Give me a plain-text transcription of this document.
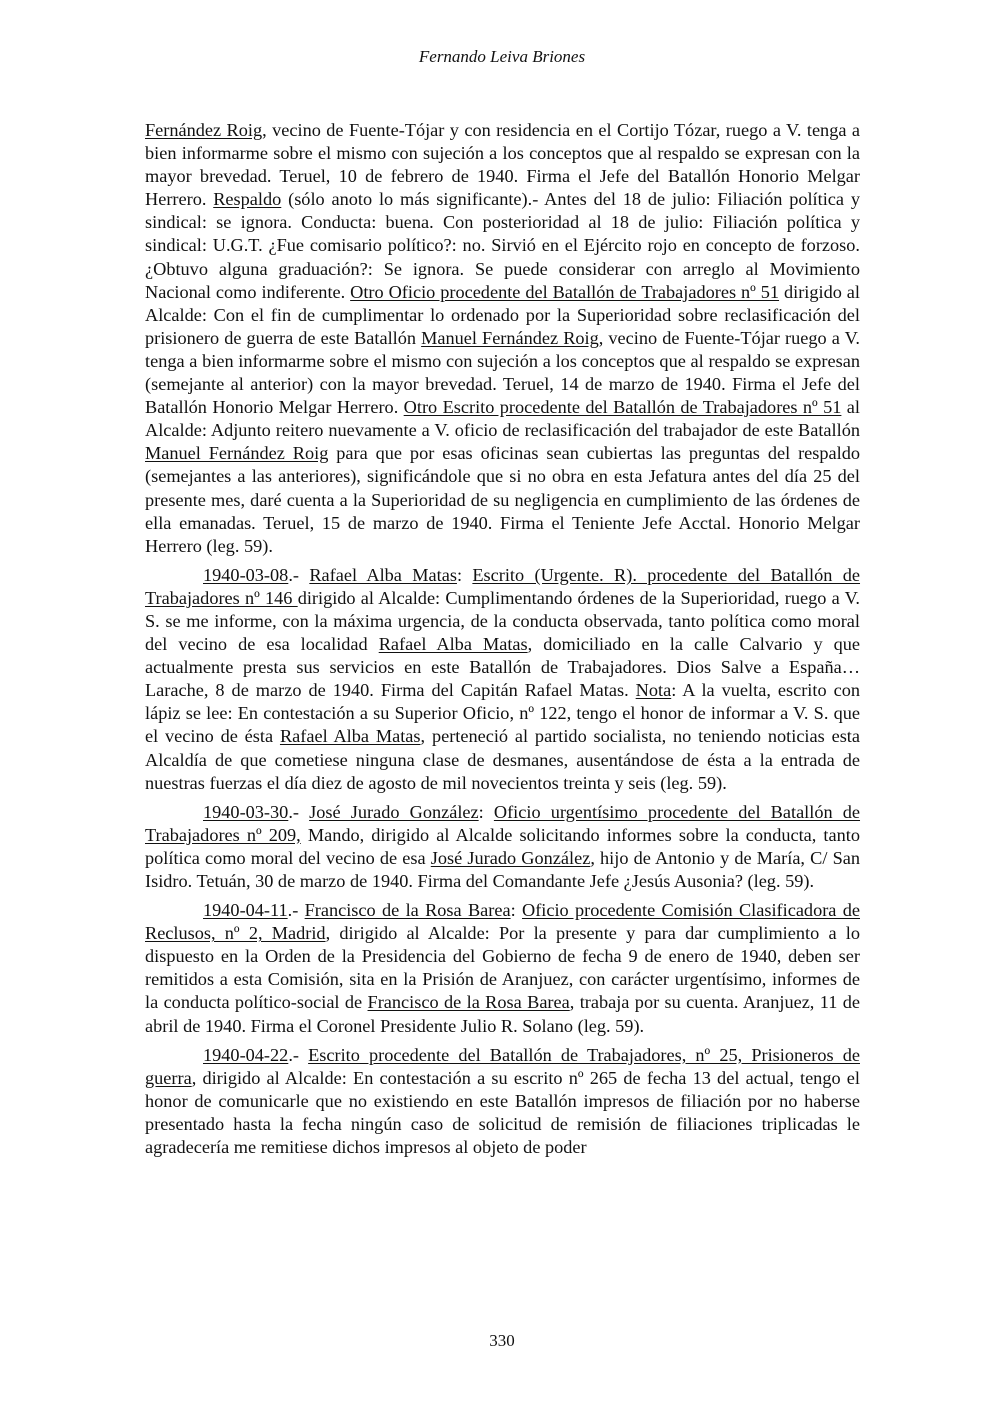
Fernando Leiva Briones

Fernández Roig, vecino de Fuente-Tójar y con residencia en el Cortijo Tózar, ruego a V. tenga a bien informarme sobre el mismo con sujeción a los conceptos que al respaldo se expresan con la mayor brevedad. Teruel, 10 de febrero de 1940. Firma el Jefe del Batallón Honorio Melgar Herrero. Respaldo (sólo anoto lo más significante).- Antes del 18 de julio: Filiación política y sindical: se ignora. Conducta: buena. Con posterioridad al 18 de julio: Filiación política y sindical: U.G.T. ¿Fue comisario político?: no. Sirvió en el Ejército rojo en concepto de forzoso. ¿Obtuvo alguna graduación?: Se ignora. Se puede considerar con arreglo al Movimiento Nacional como indiferente. Otro Oficio procedente del Batallón de Trabajadores nº 51 dirigido al Alcalde: Con el fin de cumplimentar lo ordenado por la Superioridad sobre reclasificación del prisionero de guerra de este Batallón Manuel Fernández Roig, vecino de Fuente-Tójar ruego a V. tenga a bien informarme sobre el mismo con sujeción a los conceptos que al respaldo se expresan (semejante al anterior) con la mayor brevedad. Teruel, 14 de marzo de 1940. Firma el Jefe del Batallón Honorio Melgar Herrero. Otro Escrito procedente del Batallón de Trabajadores nº 51 al Alcalde: Adjunto reitero nuevamente a V. oficio de reclasificación del trabajador de este Batallón Manuel Fernández Roig para que por esas oficinas sean cubiertas las preguntas del respaldo (semejantes a las anteriores), significándole que si no obra en esta Jefatura antes del día 25 del presente mes, daré cuenta a la Superioridad de su negligencia en cumplimiento de las órdenes de ella emanadas. Teruel, 15 de marzo de 1940. Firma el Teniente Jefe Acctal. Honorio Melgar Herrero (leg. 59).

1940-03-08.- Rafael Alba Matas: Escrito (Urgente. R). procedente del Batallón de Trabajadores nº 146 dirigido al Alcalde: Cumplimentando órdenes de la Superioridad, ruego a V. S. se me informe, con la máxima urgencia, de la conducta observada, tanto política como moral del vecino de esa localidad Rafael Alba Matas, domiciliado en la calle Calvario y que actualmente presta sus servicios en este Batallón de Trabajadores. Dios Salve a España… Larache, 8 de marzo de 1940. Firma del Capitán Rafael Matas. Nota: A la vuelta, escrito con lápiz se lee: En contestación a su Superior Oficio, nº 122, tengo el honor de informar a V. S. que el vecino de ésta Rafael Alba Matas, perteneció al partido socialista, no teniendo noticias esta Alcaldía de que cometiese ninguna clase de desmanes, ausentándose de ésta a la entrada de nuestras fuerzas el día diez de agosto de mil novecientos treinta y seis (leg. 59).

1940-03-30.- José Jurado González: Oficio urgentísimo procedente del Batallón de Trabajadores nº 209, Mando, dirigido al Alcalde solicitando informes sobre la conducta, tanto política como moral del vecino de esa José Jurado González, hijo de Antonio y de María, C/ San Isidro. Tetuán, 30 de marzo de 1940. Firma del Comandante Jefe ¿Jesús Ausonia? (leg. 59).

1940-04-11.- Francisco de la Rosa Barea: Oficio procedente Comisión Clasificadora de Reclusos, nº 2, Madrid, dirigido al Alcalde: Por la presente y para dar cumplimiento a lo dispuesto en la Orden de la Presidencia del Gobierno de fecha 9 de enero de 1940, deben ser remitidos a esta Comisión, sita en la Prisión de Aranjuez, con carácter urgentísimo, informes de la conducta político-social de Francisco de la Rosa Barea, trabaja por su cuenta. Aranjuez, 11 de abril de 1940. Firma el Coronel Presidente Julio R. Solano (leg. 59).

1940-04-22.- Escrito procedente del Batallón de Trabajadores, nº 25, Prisioneros de guerra, dirigido al Alcalde: En contestación a su escrito nº 265 de fecha 13 del actual, tengo el honor de comunicarle que no existiendo en este Batallón impresos de filiación por no haberse presentado hasta la fecha ningún caso de solicitud de remisión de filiaciones triplicadas le agradecería me remitiese dichos impresos al objeto de poder

330
